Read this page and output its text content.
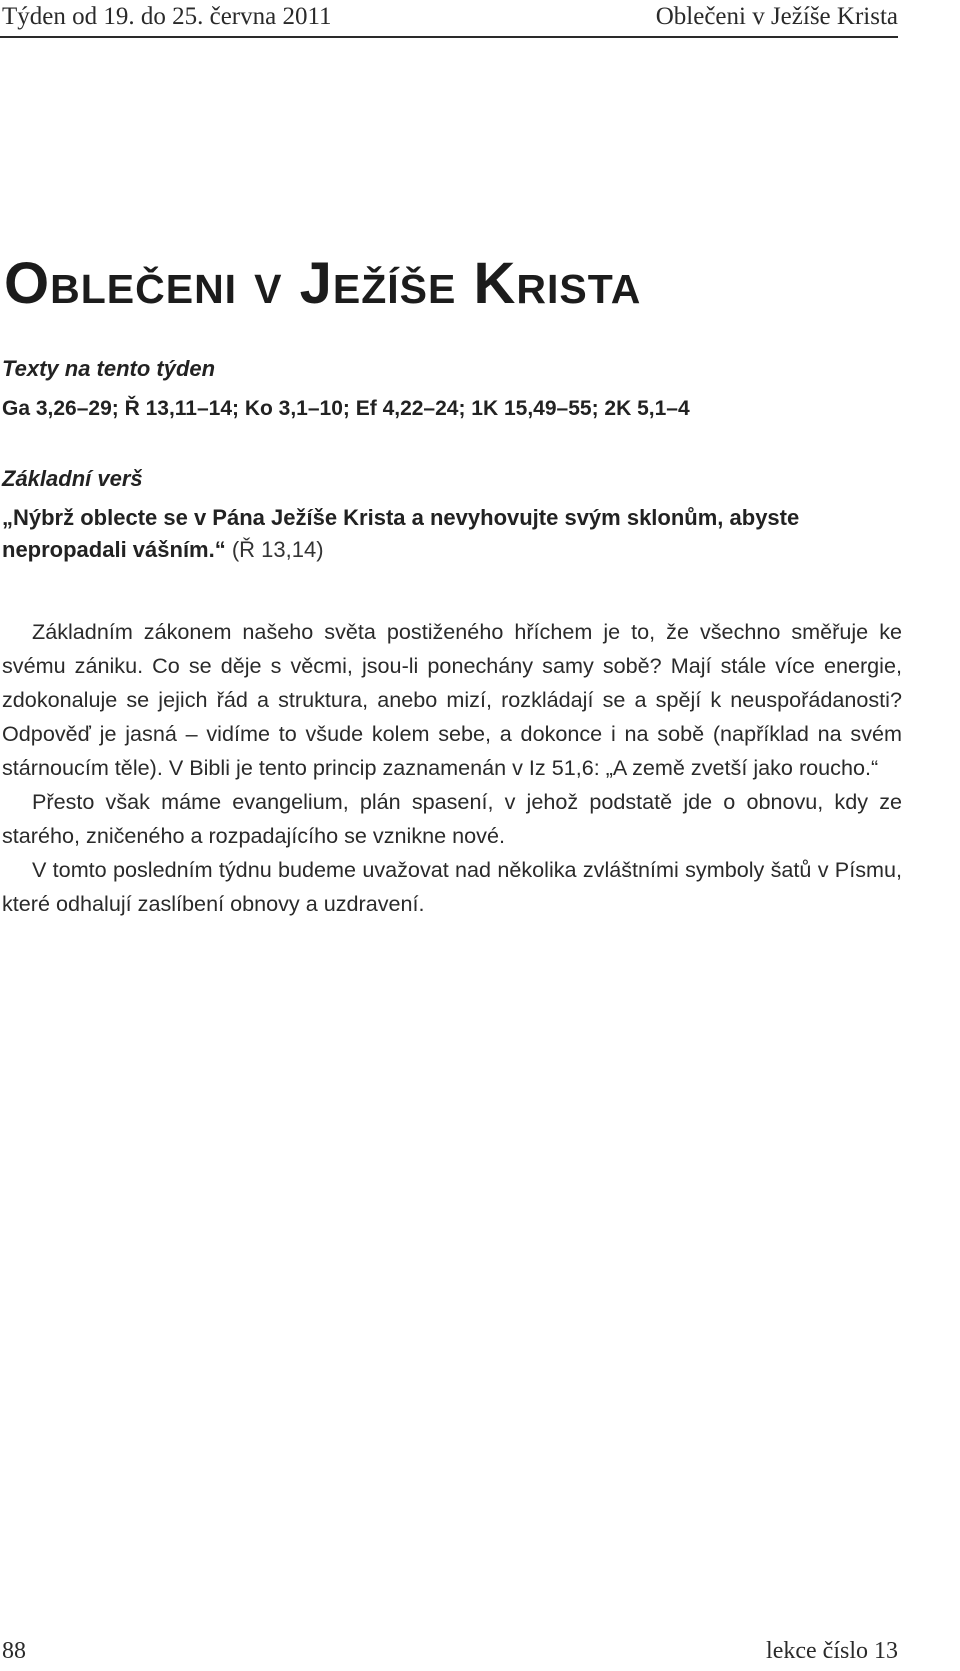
Týden od 19. do 25. června 2011	Oblečeni v Ježíše Krista
Oblečeni v Ježíše Krista
Texty na tento týden
Ga 3,26–29; Ř 13,11–14; Ko 3,1–10; Ef 4,22–24; 1K 15,49–55; 2K 5,1–4
Základní verš

„Nýbrž oblecte se v Pána Ježíše Krista a nevyhovujte svým sklonům, abyste nepropadali vášním.“ (Ř 13,14)

Základním zákonem našeho světa postiženého hříchem je to, že všechno směřuje ke svému zániku. Co se děje s věcmi, jsou-li ponechány samy sobě? Mají stále více energie, zdokonaluje se jejich řád a struktura, anebo mizí, rozkládají se a spějí k neuspořádanosti? Odpověď je jasná – vidíme to všude kolem sebe, a dokonce i na sobě (například na svém stárnoucím těle). V Bibli je tento princip zaznamenán v Iz 51,6: „A země zvetší jako roucho.“

Přesto však máme evangelium, plán spasení, v jehož podstatě jde o obnovu, kdy ze starého, zničeného a rozpadajícího se vznikne nové.

V tomto posledním týdnu budeme uvažovat nad několika zvláštními symboly šatů v Písmu, které odhalují zaslíbení obnovy a uzdravení.

88	lekce číslo 13
